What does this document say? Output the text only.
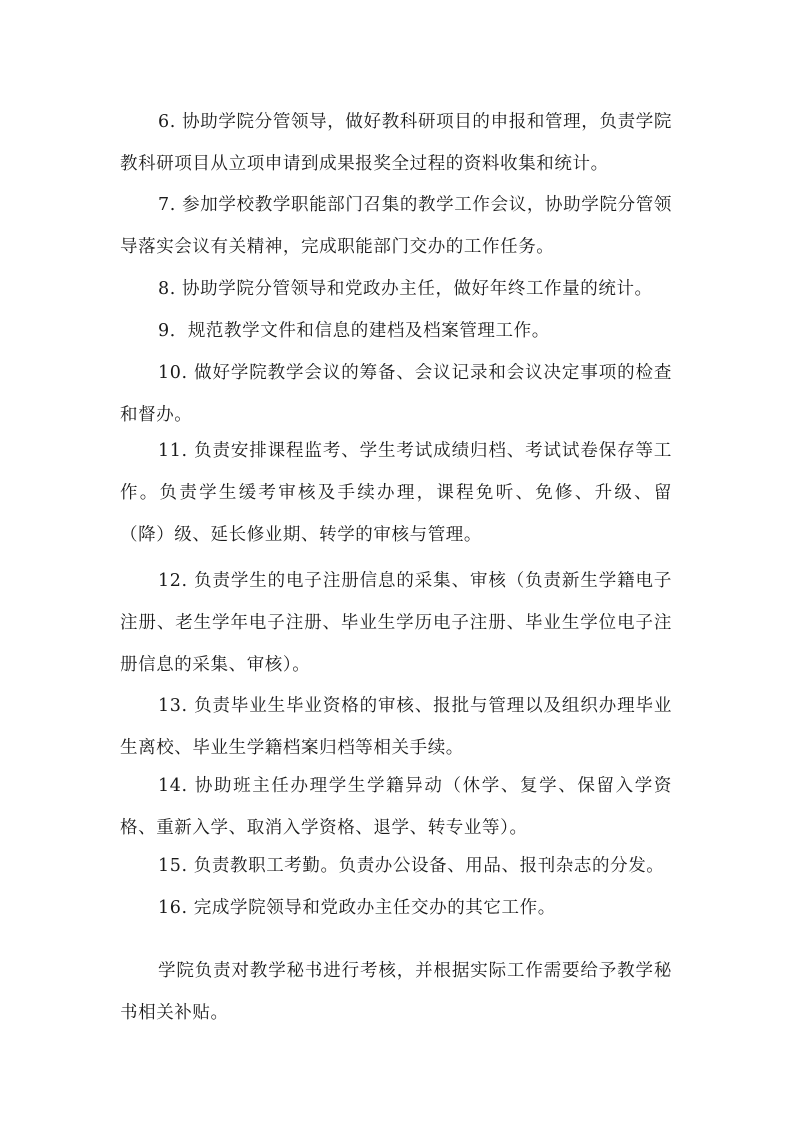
6. 协助学院分管领导，做好教科研项目的申报和管理，负责学院教科研项目从立项申请到成果报奖全过程的资料收集和统计。

7. 参加学校教学职能部门召集的教学工作会议，协助学院分管领导落实会议有关精神，完成职能部门交办的工作任务。

8. 协助学院分管领导和党政办主任，做好年终工作量的统计。

9．规范教学文件和信息的建档及档案管理工作。

10. 做好学院教学会议的筹备、会议记录和会议决定事项的检查和督办。

11. 负责安排课程监考、学生考试成绩归档、考试试卷保存等工作。负责学生缓考审核及手续办理，课程免听、免修、升级、留（降）级、延长修业期、转学的审核与管理。

12. 负责学生的电子注册信息的采集、审核（负责新生学籍电子注册、老生学年电子注册、毕业生学历电子注册、毕业生学位电子注册信息的采集、审核）。

13. 负责毕业生毕业资格的审核、报批与管理以及组织办理毕业生离校、毕业生学籍档案归档等相关手续。

14. 协助班主任办理学生学籍异动（休学、复学、保留入学资格、重新入学、取消入学资格、退学、转专业等）。

15. 负责教职工考勤。负责办公设备、用品、报刊杂志的分发。

16. 完成学院领导和党政办主任交办的其它工作。

学院负责对教学秘书进行考核，并根据实际工作需要给予教学秘书相关补贴。
